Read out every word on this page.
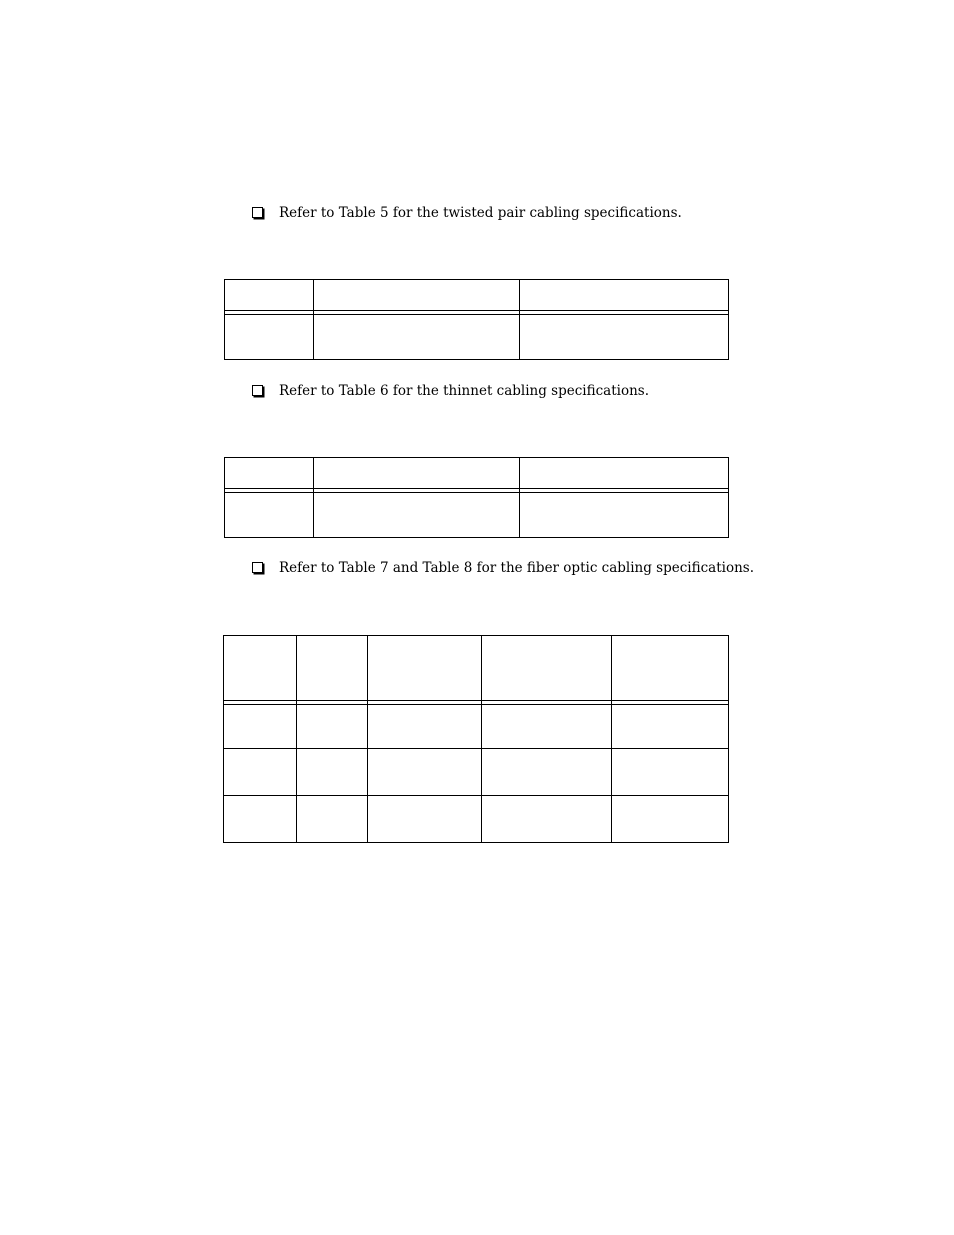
Refer to Table 5 for the twisted pair cabling specifications.
Refer to Table 6 for the thinnet cabling specifications.
Refer to Table 7 and Table 8 for the fiber optic cabling specifications.
